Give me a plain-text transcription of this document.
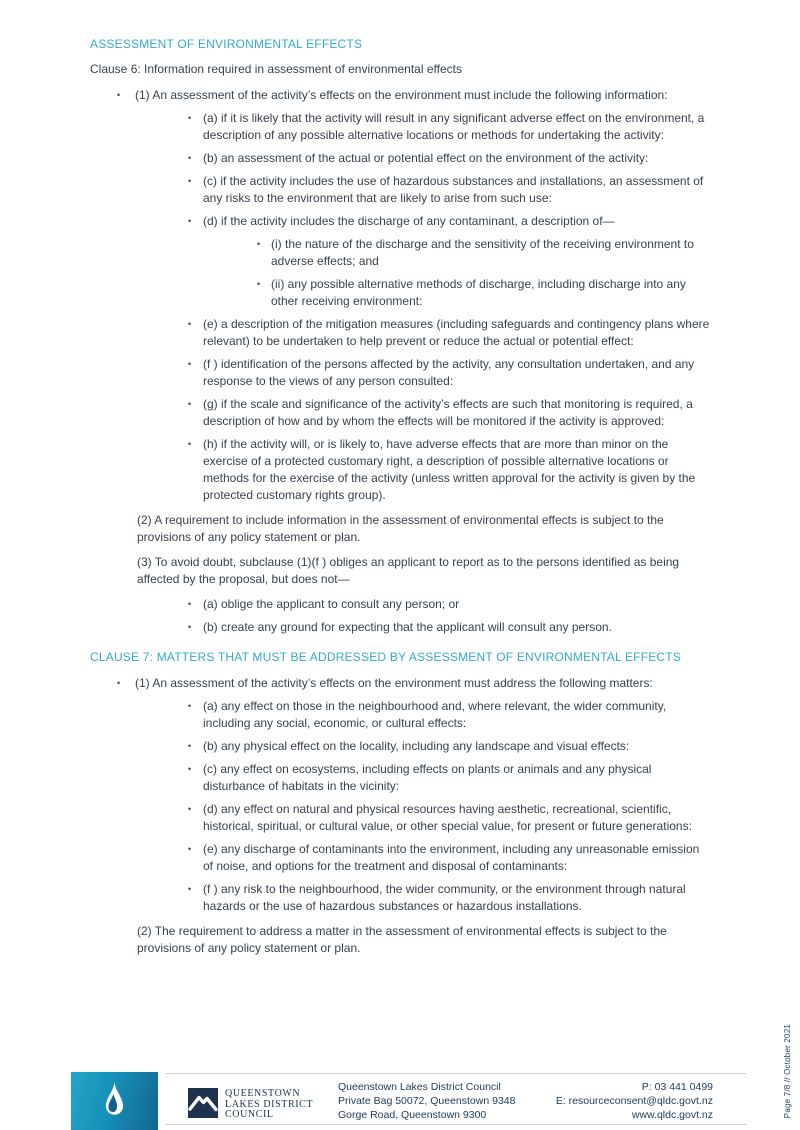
ASSESSMENT OF ENVIRONMENTAL EFFECTS
Clause 6: Information required in assessment of environmental effects
•	(1) An assessment of the activity’s effects on the environment must include the following information:
• (a) if it is likely that the activity will result in any significant adverse effect on the environment, a description of any possible alternative locations or methods for undertaking the activity:
• (b) an assessment of the actual or potential effect on the environment of the activity:
• (c) if the activity includes the use of hazardous substances and installations, an assessment of any risks to the environment that are likely to arise from such use:
• (d) if the activity includes the discharge of any contaminant, a description of—
• (i) the nature of the discharge and the sensitivity of the receiving environment to adverse effects; and
• (ii) any possible alternative methods of discharge, including discharge into any other receiving environment:
• (e) a description of the mitigation measures (including safeguards and contingency plans where relevant) to be undertaken to help prevent or reduce the actual or potential effect:
• (f ) identification of the persons affected by the activity, any consultation undertaken, and any response to the views of any person consulted:
• (g) if the scale and significance of the activity’s effects are such that monitoring is required, a description of how and by whom the effects will be monitored if the activity is approved:
• (h) if the activity will, or is likely to, have adverse effects that are more than minor on the exercise of a protected customary right, a description of possible alternative locations or methods for the exercise of the activity (unless written approval for the activity is given by the protected customary rights group).
(2) A requirement to include information in the assessment of environmental effects is subject to the provisions of any policy statement or plan.
(3) To avoid doubt, subclause (1)(f ) obliges an applicant to report as to the persons identified as being affected by the proposal, but does not—
• (a) oblige the applicant to consult any person; or
• (b) create any ground for expecting that the applicant will consult any person.
CLAUSE 7: MATTERS THAT MUST BE ADDRESSED BY ASSESSMENT OF ENVIRONMENTAL EFFECTS
•	(1) An assessment of the activity’s effects on the environment must address the following matters:
• (a) any effect on those in the neighbourhood and, where relevant, the wider community, including any social, economic, or cultural effects:
• (b) any physical effect on the locality, including any landscape and visual effects:
• (c) any effect on ecosystems, including effects on plants or animals and any physical disturbance of habitats in the vicinity:
• (d) any effect on natural and physical resources having aesthetic, recreational, scientific, historical, spiritual, or cultural value, or other special value, for present or future generations:
• (e) any discharge of contaminants into the environment, including any unreasonable emission of noise, and options for the treatment and disposal of contaminants:
• (f ) any risk to the neighbourhood, the wider community, or the environment through natural hazards or the use of hazardous substances or hazardous installations.
(2) The requirement to address a matter in the assessment of environmental effects is subject to the provisions of any policy statement or plan.
QUEENSTOWN
LAKES DISTRICT
COUNCIL
Queenstown Lakes District Council
Private Bag 50072, Queenstown 9348
Gorge Road, Queenstown 9300
P: 03 441 0499
E: resourceconsent@qldc.govt.nz
www.qldc.govt.nz	Page 7/8 // October 2021
